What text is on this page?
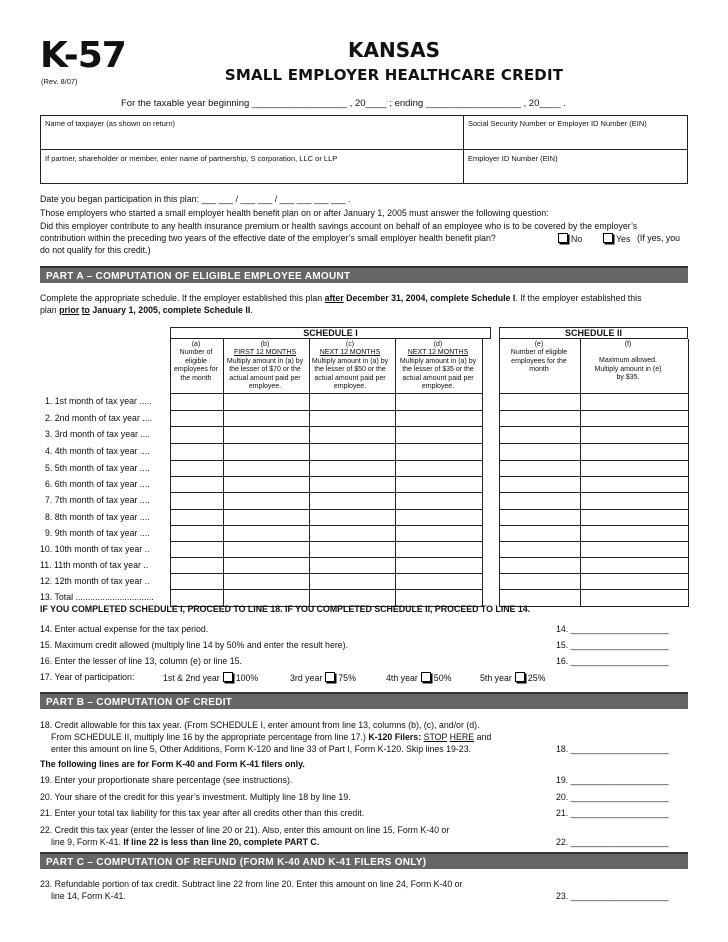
K-57
(Rev. 8/07)
KANSAS
SMALL EMPLOYER HEALTHCARE CREDIT
For the taxable year beginning __________________ , 20____ ; ending __________________ , 20____ .
Name of taxpayer (as shown on return)	Social Security Number or Employer ID Number (EIN)
If partner, shareholder or member, enter name of partnership, S corporation, LLC or LLP	Employer ID Number (EIN)
Date you began participation in this plan: ___ ___ / ___ ___ / ___ ___ ___ ___ .
Those employers who started a small employer health benefit plan on or after January 1, 2005 must answer the following question:
Did this employer contribute to any health insurance premium or health savings account on behalf of an employee who is to be covered by the employer’s
contribution within the preceding two years of the effective date of the employer’s small employer health benefit plan?	No	Yes (If yes, you
do not qualify for this credit.)
PART A – COMPUTATION OF ELIGIBLE EMPLOYEE AMOUNT
Complete the appropriate schedule. If the employer established this plan after December 31, 2004, complete Schedule I. If the employer established this
plan prior to January 1, 2005, complete Schedule II.
SCHEDULE I	SCHEDULE II
(a)
Number of eligible employees for the month
(b)
FIRST 12 MONTHS
Multiply amount in (a) by the lesser of $70 or the actual amount paid per employee.
(c)
NEXT 12 MONTHS
Multiply amount in (a) by the lesser of $50 or the actual amount paid per employee.
(d)
NEXT 12 MONTHS
Multiply amount in (a) by the lesser of $35 or the actual amount paid per employee.
(e)
Number of eligible employees for the month
(f)
Maximum allowed. Multiply amount in (e) by $35.
1. 1st month of tax year .....
2. 2nd month of tax year ....
3. 3rd month of tax year ....
4. 4th month of tax year ....
5. 5th month of tax year ....
6. 6th month of tax year ....
7. 7th month of tax year ....
8. 8th month of tax year ....
9. 9th month of tax year ....
10. 10th month of tax year ..
11. 11th month of tax year ..
12. 12th month of tax year ..
13. Total ................................
IF YOU COMPLETED SCHEDULE I, PROCEED TO LINE 18. IF YOU COMPLETED SCHEDULE II, PROCEED TO LINE 14.
14. Enter actual expense for the tax period.	14. ____________________
15. Maximum credit allowed (multiply line 14 by 50% and enter the result here).	15. ____________________
16. Enter the lesser of line 13, column (e) or line 15.	16. ____________________
17. Year of participation:	1st & 2nd year 100%	3rd year 75%	4th year 50%	5th year 25%
PART B – COMPUTATION OF CREDIT
18. Credit allowable for this tax year. (From SCHEDULE I, enter amount from line 13, columns (b), (c), and/or (d).
From SCHEDULE II, multiply line 16 by the appropriate percentage from line 17.) K-120 Filers: STOP HERE and
enter this amount on line 5, Other Additions, Form K-120 and line 33 of Part I, Form K-120. Skip lines 19-23.	18. ____________________
The following lines are for Form K-40 and Form K-41 filers only.
19. Enter your proportionate share percentage (see instructions).	19. ____________________
20. Your share of the credit for this year’s investment. Multiply line 18 by line 19.	20. ____________________
21. Enter your total tax liability for this tax year after all credits other than this credit.	21. ____________________
22. Credit this tax year (enter the lesser of line 20 or 21). Also, enter this amount on line 15, Form K-40 or
line 9, Form K-41. If line 22 is less than line 20, complete PART C.	22. ____________________
PART C – COMPUTATION OF REFUND (FORM K-40 AND K-41 FILERS ONLY)
23. Refundable portion of tax credit. Subtract line 22 from line 20. Enter this amount on line 24, Form K-40 or
line 14, Form K-41.	23. ____________________
